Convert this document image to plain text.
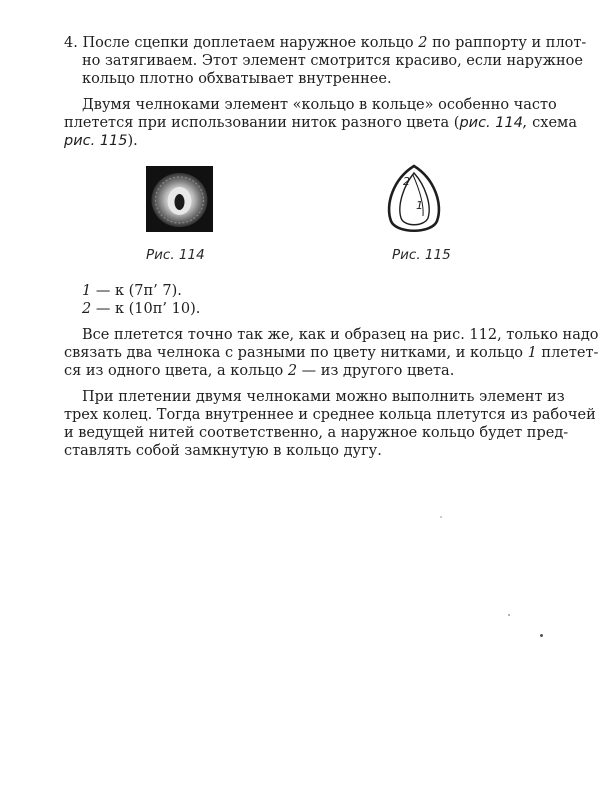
4. После сцепки доплетаем наружное кольцо 2 по раппорту и плот-

но затягиваем. Этот элемент смотрится красиво, если наружное

кольцо плотно обхватывает внутреннее.

Двумя челноками элемент «кольцо в кольце» особенно часто

плетется при использовании ниток разного цвета (рис. 114, схема

рис. 115).

Рис. 114
2
1
Рис. 115

1 — к (7п’ 7).

2 — к (10п’ 10).

Все плетется точно так же, как и образец на рис. 112, только надо

связать два челнока с разными по цвету нитками, и кольцо 1 плетет-

ся из одного цвета, а кольцо 2 — из другого цвета.

При плетении двумя челноками можно выполнить элемент из

трех колец. Тогда внутреннее и среднее кольца плетутся из рабочей

и ведущей нитей соответственно, а наружное кольцо будет пред-

ставлять собой замкнутую в кольцо дугу.
